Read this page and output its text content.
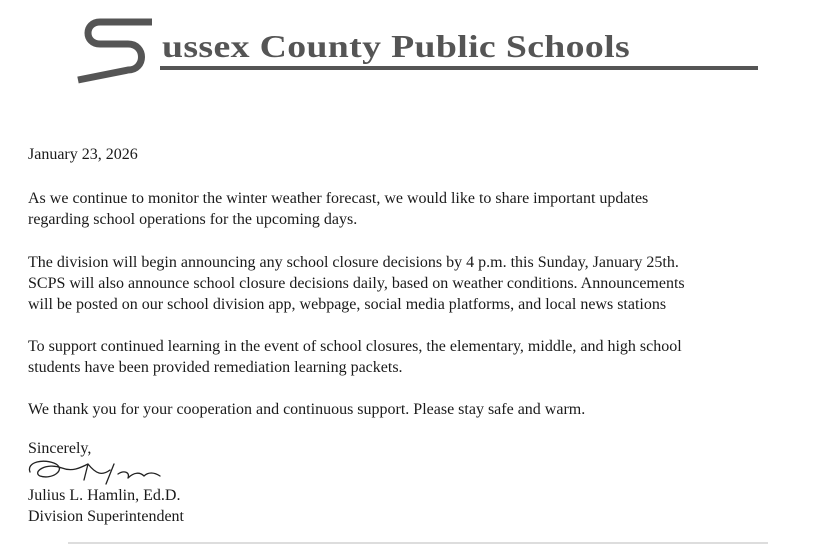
ussex County Public Schools
January 23, 2026
As we continue to monitor the winter weather forecast, we would like to share important updates
regarding school operations for the upcoming days.
The division will begin announcing any school closure decisions by 4 p.m. this Sunday, January 25th.
SCPS will also announce school closure decisions daily, based on weather conditions. Announcements
will be posted on our school division app, webpage, social media platforms, and local news stations
To support continued learning in the event of school closures, the elementary, middle, and high school
students have been provided remediation learning packets.
We thank you for your cooperation and continuous support. Please stay safe and warm.
Sincerely,
Julius L. Hamlin, Ed.D.
Division Superintendent
